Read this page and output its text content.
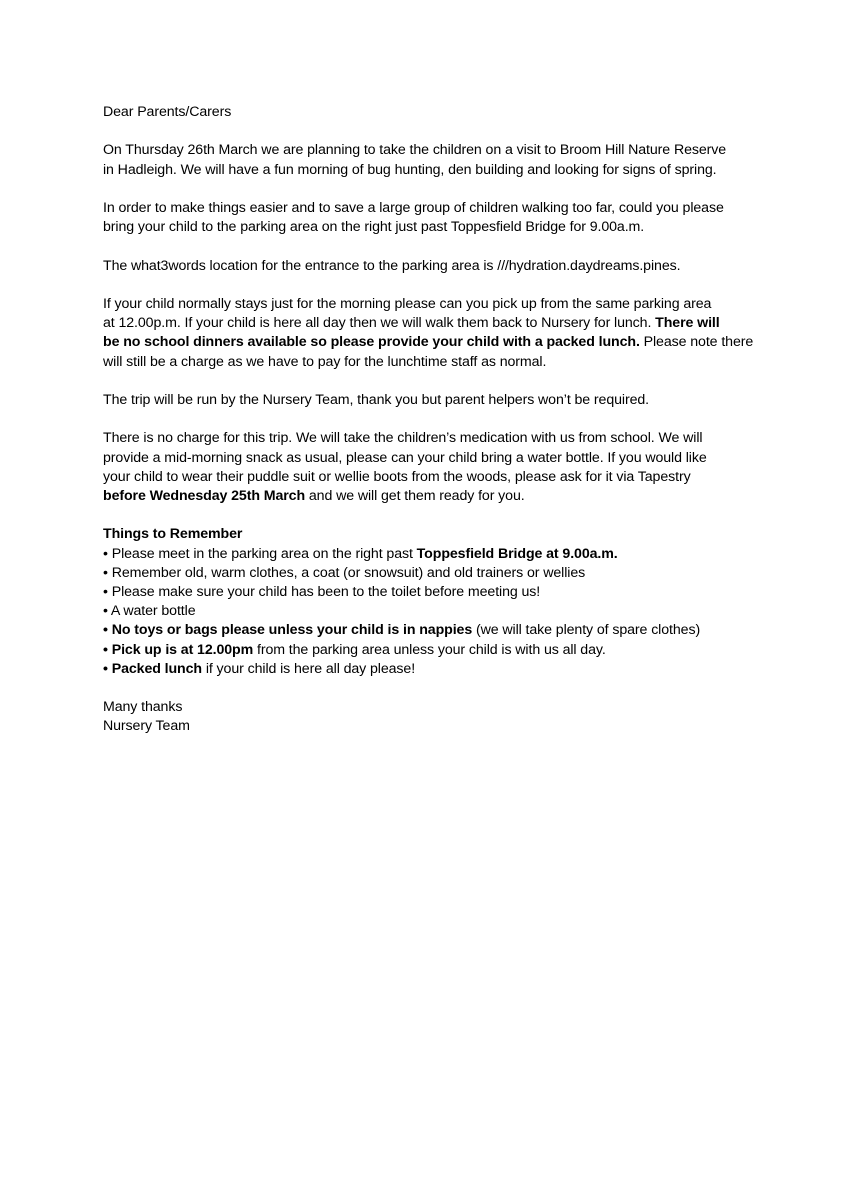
Dear Parents/Carers

On Thursday 26th March we are planning to take the children on a visit to Broom Hill Nature Reserve
in Hadleigh. We will have a fun morning of bug hunting, den building and looking for signs of spring.

In order to make things easier and to save a large group of children walking too far, could you please
bring your child to the parking area on the right just past Toppesfield Bridge for 9.00a.m.

The what3words location for the entrance to the parking area is ///hydration.daydreams.pines.

If your child normally stays just for the morning please can you pick up from the same parking area
at 12.00p.m. If your child is here all day then we will walk them back to Nursery for lunch. There will
be no school dinners available so please provide your child with a packed lunch. Please note there
will still be a charge as we have to pay for the lunchtime staff as normal.

The trip will be run by the Nursery Team, thank you but parent helpers won’t be required.

There is no charge for this trip. We will take the children’s medication with us from school. We will
provide a mid-morning snack as usual, please can your child bring a water bottle. If you would like
your child to wear their puddle suit or wellie boots from the woods, please ask for it via Tapestry
before Wednesday 25th March and we will get them ready for you.

Things to Remember
• Please meet in the parking area on the right past Toppesfield Bridge at 9.00a.m.
• Remember old, warm clothes, a coat (or snowsuit) and old trainers or wellies
• Please make sure your child has been to the toilet before meeting us!
• A water bottle
• No toys or bags please unless your child is in nappies (we will take plenty of spare clothes)
• Pick up is at 12.00pm from the parking area unless your child is with us all day.
• Packed lunch if your child is here all day please!

Many thanks
Nursery Team
